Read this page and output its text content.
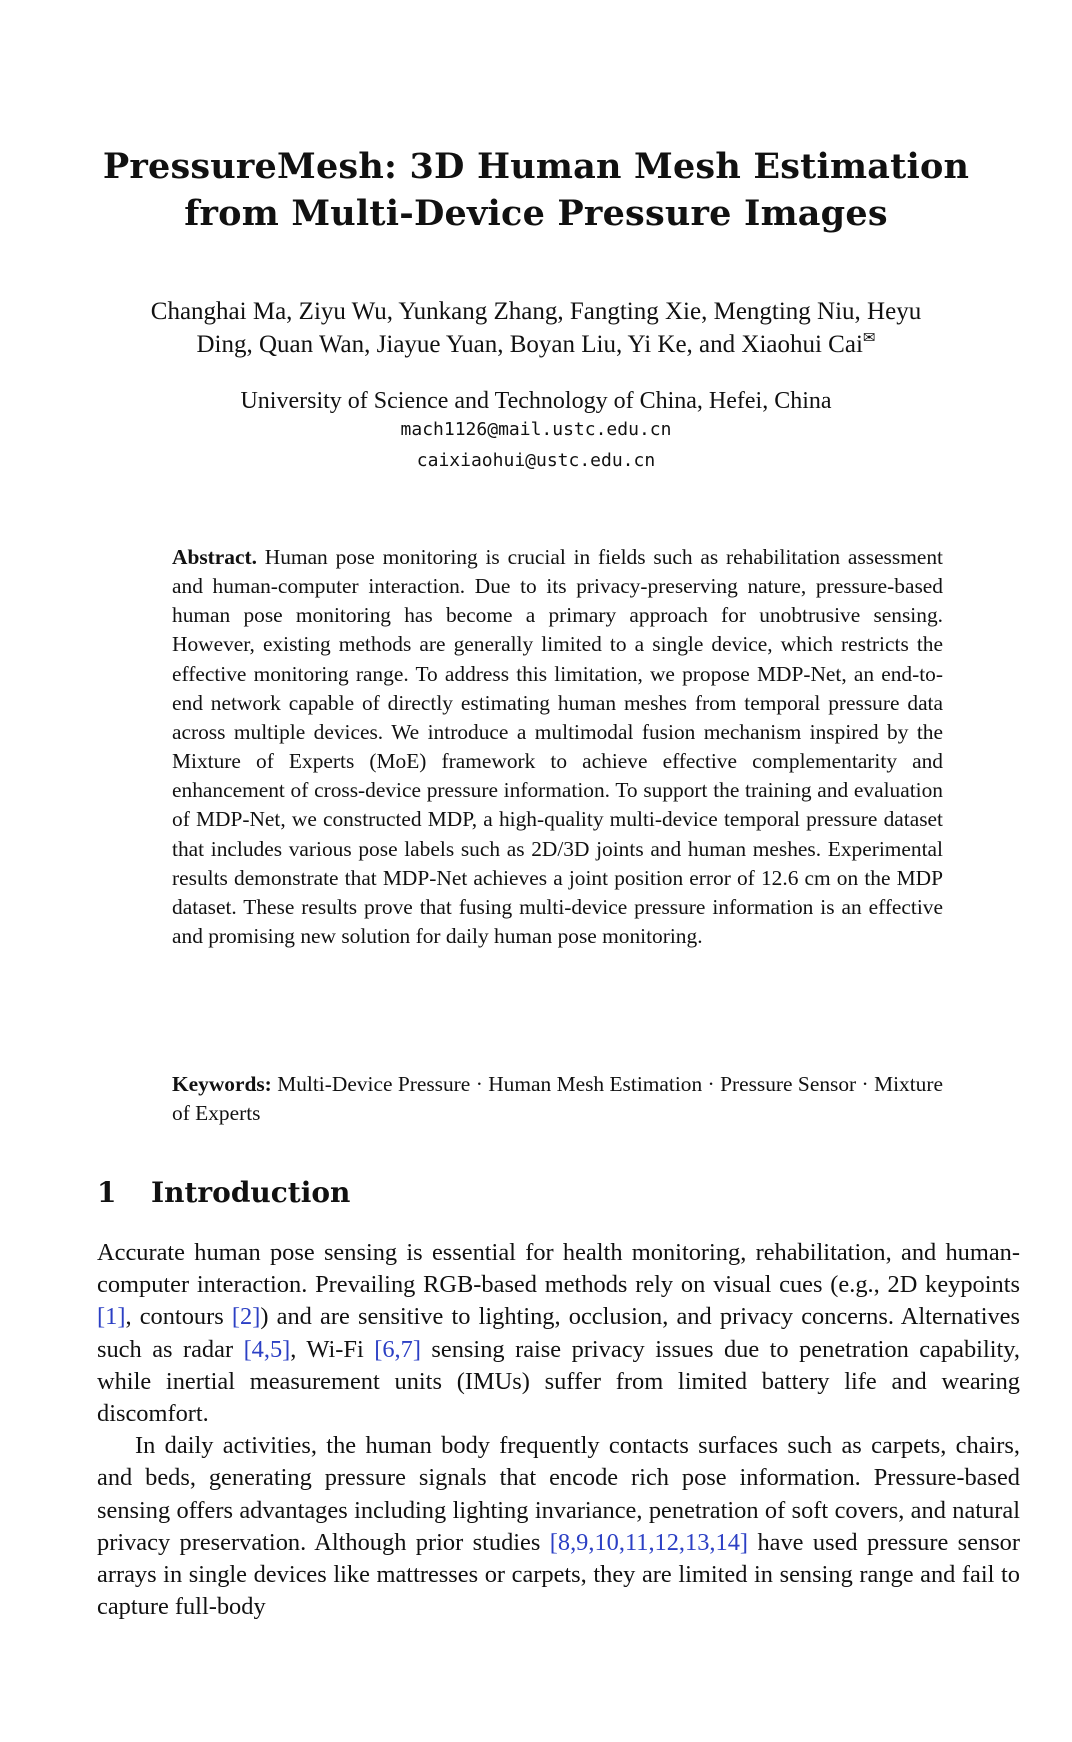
PressureMesh: 3D Human Mesh Estimation
from Multi-Device Pressure Images
Changhai Ma, Ziyu Wu, Yunkang Zhang, Fangting Xie, Mengting Niu, Heyu
Ding, Quan Wan, Jiayue Yuan, Boyan Liu, Yi Ke, and Xiaohui Cai✉
University of Science and Technology of China, Hefei, China
mach1126@mail.ustc.edu.cn
caixiaohui@ustc.edu.cn
Abstract. Human pose monitoring is crucial in fields such as rehabilitation assessment and human-computer interaction. Due to its privacy-preserving nature, pressure-based human pose monitoring has become a primary approach for unobtrusive sensing. However, existing methods are generally limited to a single device, which restricts the effective monitoring range. To address this limitation, we propose MDP-Net, an end-to-end network capable of directly estimating human meshes from temporal pressure data across multiple devices. We introduce a multimodal fusion mechanism inspired by the Mixture of Experts (MoE) framework to achieve effective complementarity and enhancement of cross-device pressure information. To support the training and evaluation of MDP-Net, we constructed MDP, a high-quality multi-device temporal pressure dataset that includes various pose labels such as 2D/3D joints and human meshes. Experimental results demonstrate that MDP-Net achieves a joint position error of 12.6 cm on the MDP dataset. These results prove that fusing multi-device pressure information is an effective and promising new solution for daily human pose monitoring.
Keywords: Multi-Device Pressure · Human Mesh Estimation · Pressure Sensor · Mixture of Experts
1 Introduction

Accurate human pose sensing is essential for health monitoring, rehabilitation, and human-computer interaction. Prevailing RGB-based methods rely on visual cues (e.g., 2D keypoints [1], contours [2]) and are sensitive to lighting, occlusion, and privacy concerns. Alternatives such as radar [4,5], Wi-Fi [6,7] sensing raise privacy issues due to penetration capability, while inertial measurement units (IMUs) suffer from limited battery life and wearing discomfort.

In daily activities, the human body frequently contacts surfaces such as carpets, chairs, and beds, generating pressure signals that encode rich pose information. Pressure-based sensing offers advantages including lighting invariance, penetration of soft covers, and natural privacy preservation. Although prior studies [8,9,10,11,12,13,14] have used pressure sensor arrays in single devices like mattresses or carpets, they are limited in sensing range and fail to capture full-body
